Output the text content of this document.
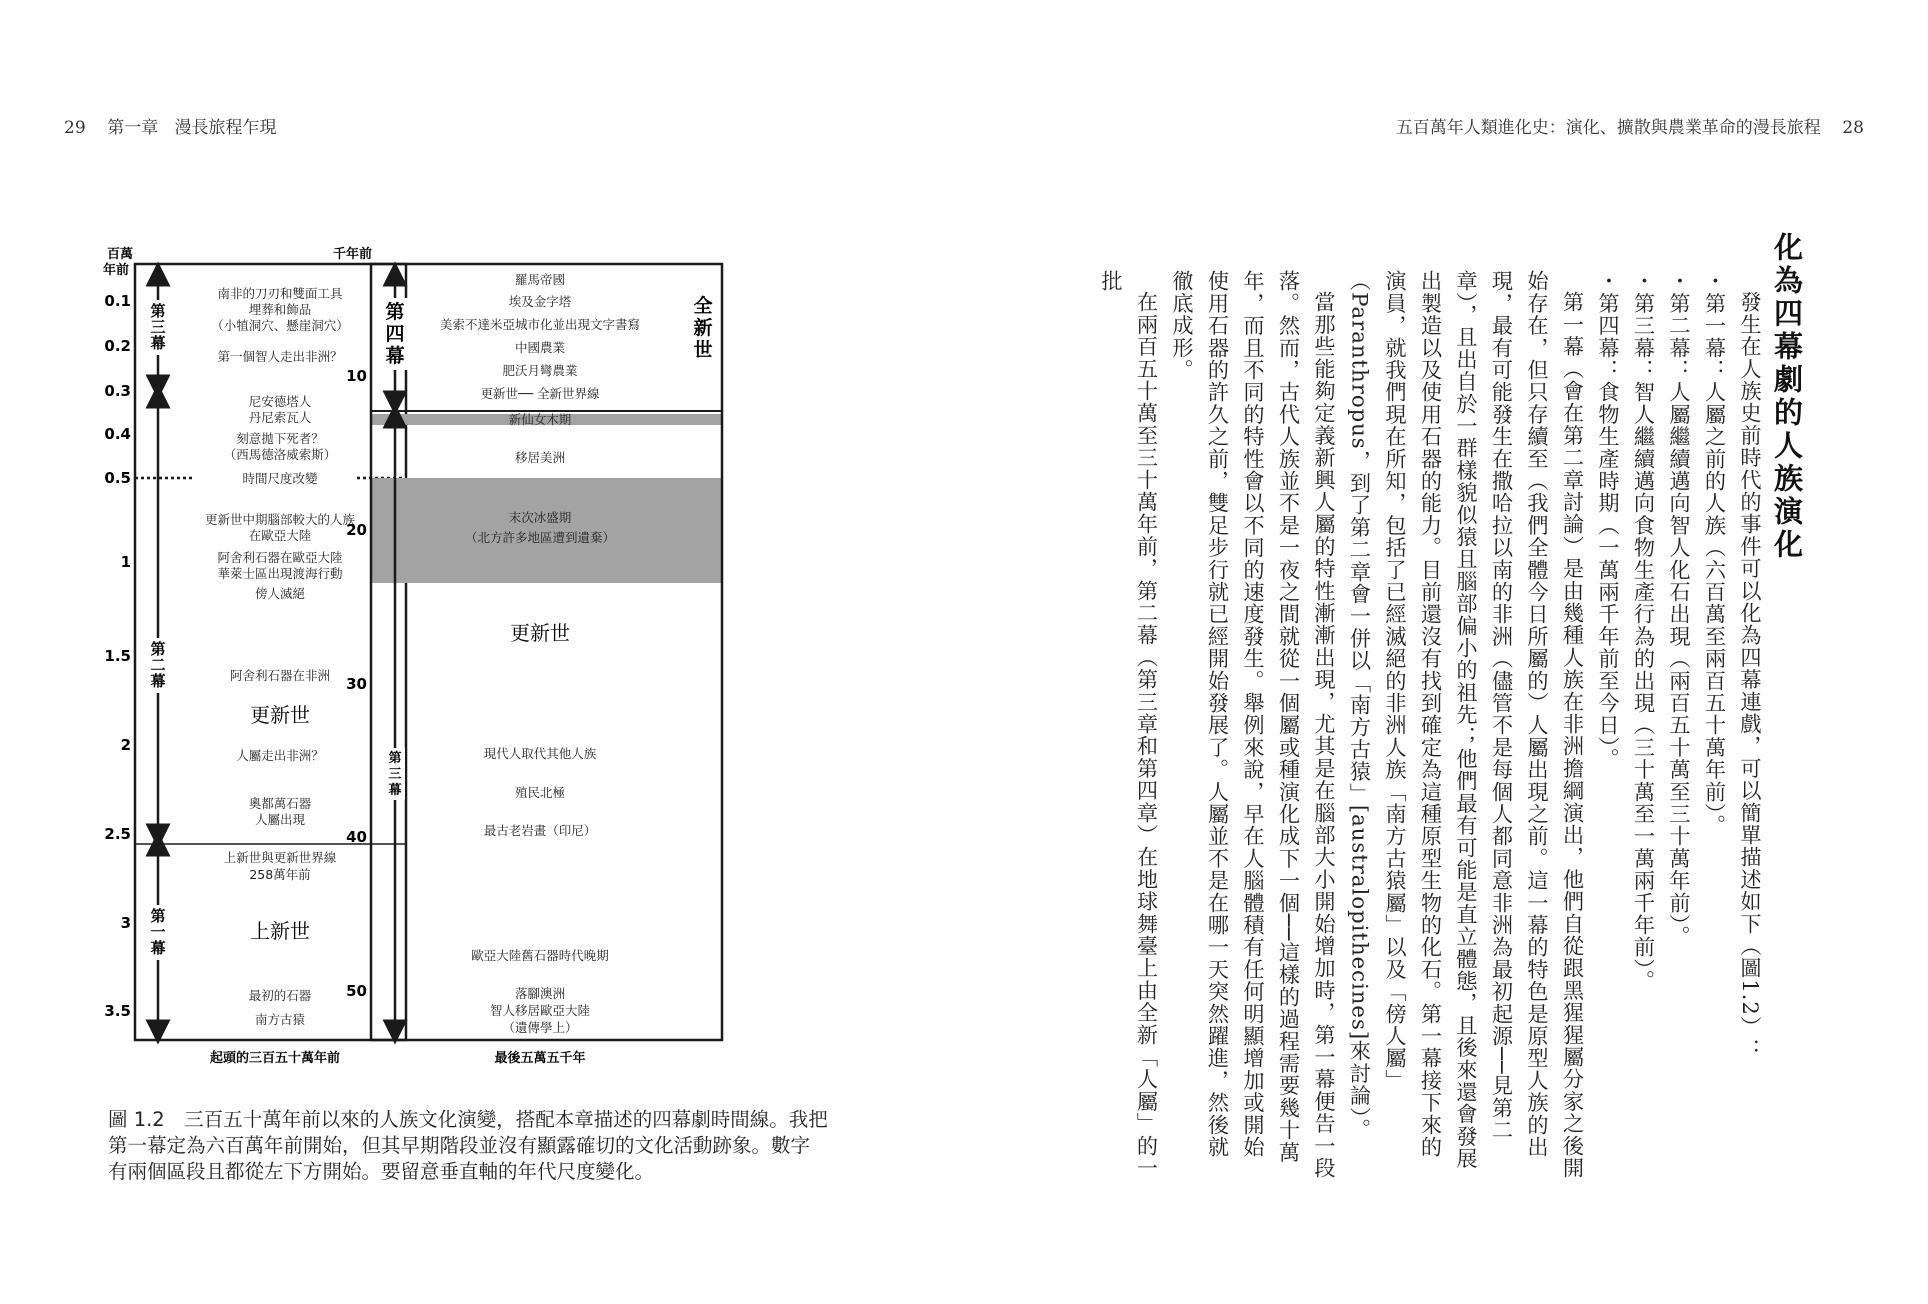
29 第一章 漫長旅程乍現	五百萬年人類進化史：演化、擴散與農業革命的漫長旅程 28
百萬
年前
0.1
0.2
0.3
0.4
0.5
1
1.5
2
2.5
3
3.5
第
三
幕
第
二
幕
第
一
幕
南非的刀刃和雙面工具
埋葬和飾品
（小犆洞穴、懸崖洞穴）
第一個智人走出非洲？
尼安德塔人
丹尼索瓦人
刻意拋下死者？
（西馬德洛威索斯）
時間尺度改變
更新世中期腦部較大的人族
在歐亞大陸
阿舍利石器在歐亞大陸
華萊士區出現渡海行動
傍人滅絕
阿舍利石器在非洲
人屬走出非洲？
奧都萬石器
人屬出現
上新世與更新世界線
258萬年前
最初的石器
南方古猿
更新世
上新世
起頭的三百五十萬年前
千年前
10
20
30
40
50
第
四
幕
第
三
幕
全
新
世
羅馬帝國
埃及金字塔
美索不達米亞城市化並出現文字書寫
中國農業
肥沃月彎農業
更新世── 全新世界線
新仙女木期
移居美洲
末次冰盛期
（北方許多地區遭到遺棄）
現代人取代其他人族
殖民北極
最古老岩畫（印尼）
歐亞大陸舊石器時代晚期
落腳澳洲
智人移居歐亞大陸
（遺傳學上）
更新世
最後五萬五千年
圖 1.2　三百五十萬年前以來的人族文化演變，搭配本章描述的四幕劇時間線。我把第一幕定為六百萬年前開始，但其早期階段並沒有顯露確切的文化活動跡象。數字有兩個區段且都從左下方開始。要留意垂直軸的年代尺度變化。
化為四幕劇的人族演化

發生在人族史前時代的事件可以化為四幕連戲，可以簡單描述如下（圖1.2）：

・第一幕：人屬之前的人族（六百萬至兩百五十萬年前）。

・第二幕：人屬繼續邁向智人化石出現（兩百五十萬至三十萬年前）。

・第三幕：智人繼續邁向食物生產行為的出現（三十萬至一萬兩千年前）。

・第四幕：食物生產時期（一萬兩千年前至今日）。

第一幕（會在第二章討論）是由幾種人族在非洲擔綱演出，他們自從跟黑猩猩屬分家之後開始存在，但只存續至（我們全體今日所屬的）人屬出現之前。這一幕的特色是原型人族的出現，最有可能發生在撒哈拉以南的非洲（儘管不是每個人都同意非洲為最初起源──見第二章），且出自於一群樣貌似猿且腦部偏小的祖先；他們最有可能是直立體態，且後來還會發展出製造以及使用石器的能力。目前還沒有找到確定為這種原型生物的化石。第一幕接下來的演員，就我們現在所知，包括了已經滅絕的非洲人族「南方古猿屬」以及「傍人屬」（Paranthropus，到了第二章會一併以「南方古猿」[australopithecines]來討論）。

當那些能夠定義新興人屬的特性漸漸出現，尤其是在腦部大小開始增加時，第一幕便告一段落。然而，古代人族並不是一夜之間就從一個屬或種演化成下一個──這樣的過程需要幾十萬年，而且不同的特性會以不同的速度發生。舉例來說，早在人腦體積有任何明顯增加或開始使用石器的許久之前，雙足步行就已經開始發展了。人屬並不是在哪一天突然躍進，然後就徹底成形。

在兩百五十萬至三十萬年前，第二幕（第三章和第四章）在地球舞臺上由全新「人屬」的一批
